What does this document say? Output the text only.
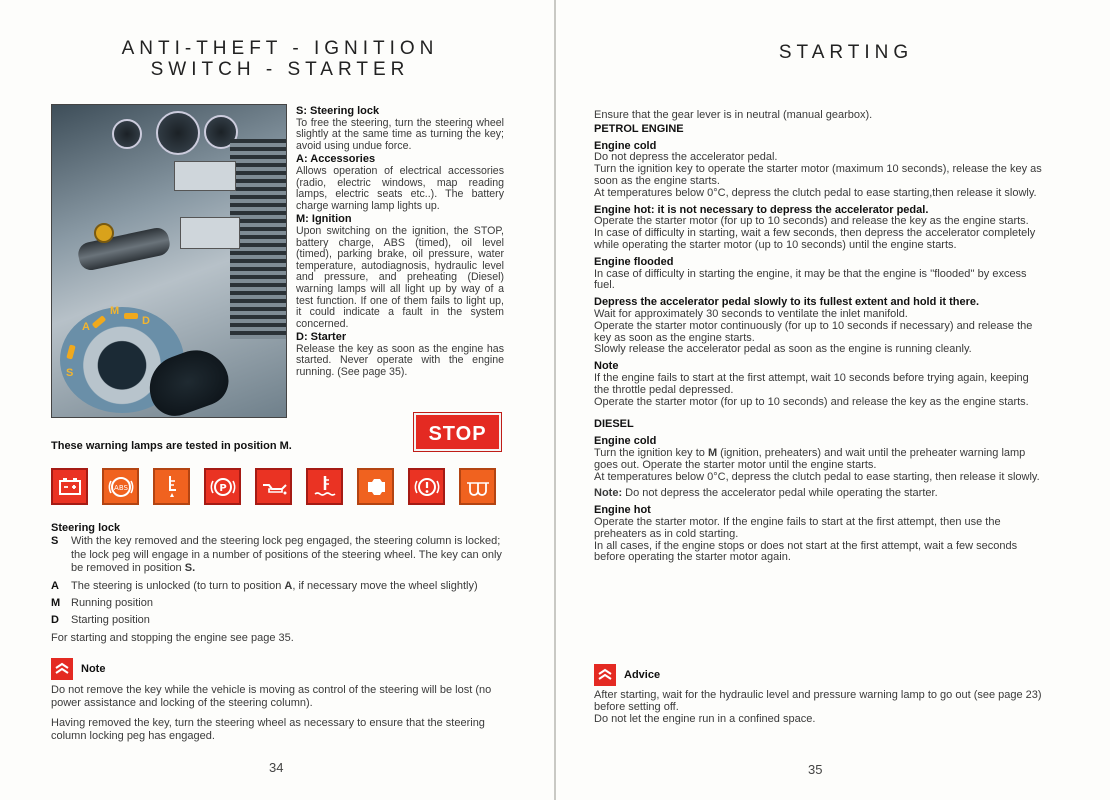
ANTI-THEFT - IGNITION
SWITCH - STARTER
S
A
M
D
S: Steering lock

To free the steering, turn the steering wheel slightly at the same time as turning the key; avoid using undue force.

A: Accessories

Allows operation of electrical accessories (radio, electric windows, map reading lamps, electric seats etc..). The battery charge warning lamp lights up.

M: Ignition

Upon switching on the ignition, the STOP, battery charge, ABS (timed), oil level (timed), parking brake, oil pressure, water temperature, autodiagnosis, hydraulic level and pressure, and preheating (Diesel) warning lamps will all light up by way of a test function. If one of them fails to light up, it could indicate a fault in the system concerned.

D: Starter

Release the key as soon as the engine has started. Never operate with the engine running. (See page 35).

These warning lamps are tested in position M.
STOP
ABS	P
Steering lock
S	With the key removed and the steering lock peg engaged, the steering column is locked; the lock peg will engage in a number of positions of the steering wheel. The key can only be removed in position S.
A	The steering is unlocked (to turn to position A, if necessary move the wheel slightly)
M Running position
D	Starting position
For starting and stopping the engine see page 35.
Note

Do not remove the key while the vehicle is moving as control of the steering will be lost (no power assistance and locking of the steering column).

Having removed the key, turn the steering wheel as necessary to ensure that the steering column locking peg has engaged.

34
STARTING

Ensure that the gear lever is in neutral (manual gearbox).

PETROL ENGINE
Engine cold

Do not depress the accelerator pedal.

Turn the ignition key to operate the starter motor (maximum 10 seconds), release the key as soon as the engine starts.

At temperatures below 0°C, depress the clutch pedal to ease starting,then release it slowly.

Engine hot: it is not necessary to depress the accelerator pedal.

Operate the starter motor (for up to 10 seconds) and release the key as the engine starts.

In case of difficulty in starting, wait a few seconds, then depress the accelerator completely while operating the starter motor (up to 10 seconds) until the engine starts.

Engine flooded

In case of difficulty in starting the engine, it may be that the engine is ''flooded'' by excess fuel.

Depress the accelerator pedal slowly to its fullest extent and hold it there.

Wait for approximately 30 seconds to ventilate the inlet manifold.

Operate the starter motor continuously (for up to 10 seconds if necessary) and release the key as soon as the engine starts.

Slowly release the accelerator pedal as soon as the engine is running cleanly.

Note

If the engine fails to start at the first attempt, wait 10 seconds before trying again, keeping the throttle pedal depressed.

Operate the starter motor (for up to 10 seconds) and release the key as the engine starts.

DIESEL
Engine cold

Turn the ignition key to M (ignition, preheaters) and wait until the preheater warning lamp goes out. Operate the starter motor until the engine starts.

At temperatures below 0°C, depress the clutch pedal to ease starting, then release it slowly.

Note: Do not depress the accelerator pedal while operating the starter.

Engine hot

Operate the starter motor. If the engine fails to start at the first attempt, then use the preheaters as in cold starting.

In all cases, if the engine stops or does not start at the first attempt, wait a few seconds before operating the starter motor again.

Advice

After starting, wait for the hydraulic level and pressure warning lamp to go out (see page 23) before setting off.

Do not let the engine run in a confined space.

35
